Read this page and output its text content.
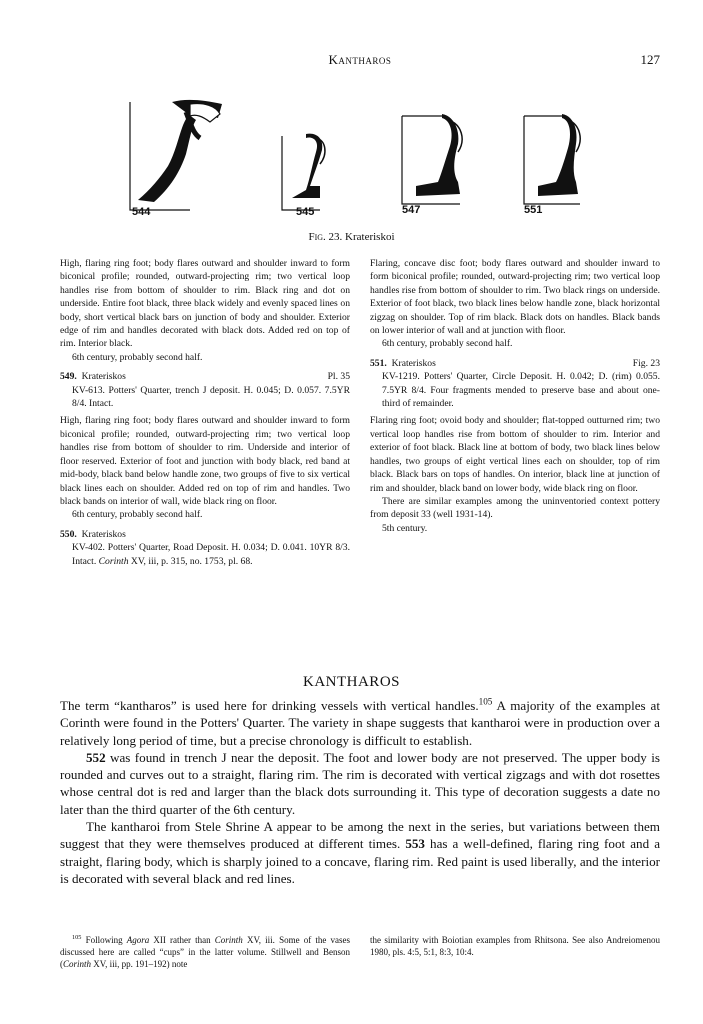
Kantharos	127
544	545	547	551
Fig. 23. Krateriskoi

High, flaring ring foot; body flares outward and shoulder inward to form biconical profile; rounded, outward-projecting rim; two vertical loop handles rise from bottom of shoulder to rim. Black ring and dot on underside. Entire foot black, three black widely and evenly spaced lines on body, short vertical black bars on junction of body and shoulder. Exterior edge of rim and handles decorated with black dots. Added red on top of rim. Interior black.

6th century, probably second half.

549. Krateriskos	Pl. 35

KV-613. Potters' Quarter, trench J deposit. H. 0.045; D. 0.057. 7.5YR 8/4. Intact.

High, flaring ring foot; body flares outward and shoulder inward to form biconical profile; rounded, outward-projecting rim; two vertical loop handles rise from bottom of shoulder to rim. Underside and interior of floor reserved. Exterior of foot and junction with body black, red band at mid-body, black band below handle zone, two groups of five to six vertical black lines each on shoulder. Added red on top of rim and handles. Two black bands on interior of wall, wide black ring on floor.

6th century, probably second half.

550. Krateriskos

KV-402. Potters' Quarter, Road Deposit. H. 0.034; D. 0.041. 10YR 8/3. Intact. Corinth XV, iii, p. 315, no. 1753, pl. 68.

Flaring, concave disc foot; body flares outward and shoulder inward to form biconical profile; rounded, outward-projecting rim; two vertical loop handles rise from bottom of shoulder to rim. Two black rings on underside. Exterior of foot black, two black lines below handle zone, black horizontal zigzag on shoulder. Top of rim black. Black dots on handles. Black bands on lower interior of wall and at junction with floor.

6th century, probably second half.

551. Krateriskos	Fig. 23

KV-1219. Potters' Quarter, Circle Deposit. H. 0.042; D. (rim) 0.055. 7.5YR 8/4. Four fragments mended to preserve base and about one-third of remainder.

Flaring ring foot; ovoid body and shoulder; flat-topped outturned rim; two vertical loop handles rise from bottom of shoulder to rim. Interior and exterior of foot black. Black line at bottom of body, two black lines below handles, two groups of eight vertical lines each on shoulder, top of rim black. Black bars on tops of handles. On interior, black line at junction of rim and shoulder, black band on lower body, wide black ring on floor.

There are similar examples among the uninventoried context pottery from deposit 33 (well 1931-14).

5th century.

KANTHAROS

The term “kantharos” is used here for drinking vessels with vertical handles.$^{105}$ A majority of the examples at Corinth were found in the Potters' Quarter. The variety in shape suggests that kantharoi were in production over a relatively long period of time, but a precise chronology is difficult to establish.

552 was found in trench J near the deposit. The foot and lower body are not preserved. The upper body is rounded and curves out to a straight, flaring rim. The rim is decorated with vertical zigzags and with dot rosettes whose central dot is red and larger than the black dots surrounding it. This type of decoration suggests a date no later than the third quarter of the 6th century.

The kantharoi from Stele Shrine A appear to be among the next in the series, but variations between them suggest that they were themselves produced at different times. 553 has a well-defined, flaring ring foot and a straight, flaring body, which is sharply joined to a concave, flaring rim. Red paint is used liberally, and the interior is decorated with several black and red lines.

$^{105}$ Following Agora XII rather than Corinth XV, iii. Some of the vases discussed here are called “cups” in the latter volume. Stillwell and Benson (Corinth XV, iii, pp. 191–192) note
the similarity with Boiotian examples from Rhitsona. See also Andreiomenou 1980, pls. 4:5, 5:1, 8:3, 10:4.
